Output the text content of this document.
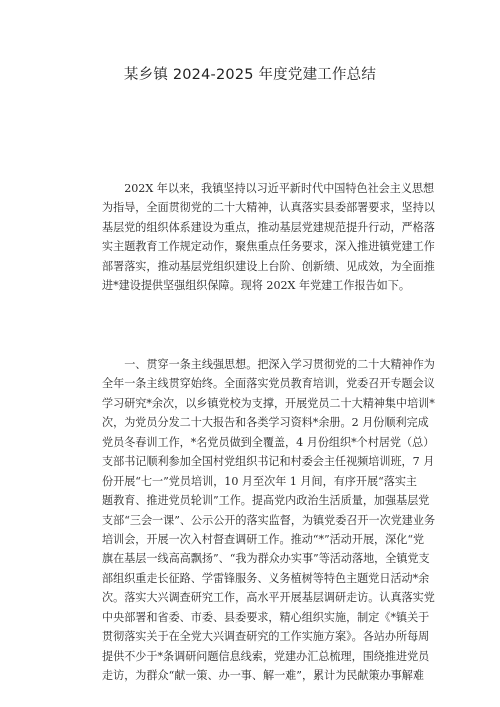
某乡镇 2024-2025 年度党建工作总结
　　202X 年以来，我镇坚持以习近平新时代中国特色社会主义思想
为指导，全面贯彻党的二十大精神，认真落实县委部署要求，坚持以
基层党的组织体系建设为重点，推动基层党建规范提升行动，严格落
实主题教育工作规定动作，聚焦重点任务要求，深入推进镇党建工作
部署落实，推动基层党组织建设上台阶、创新绩、见成效，为全面推
进*建设提供坚强组织保障。现将 202X 年党建工作报告如下。
　　一、贯穿一条主线强思想。把深入学习贯彻党的二十大精神作为
全年一条主线贯穿始终。全面落实党员教育培训，党委召开专题会议
学习研究*余次，以乡镇党校为支撑，开展党员二十大精神集中培训*
次，为党员分发二十大报告和各类学习资料*余册。2 月份顺利完成
党员冬春训工作，*名党员做到全覆盖，4 月份组织*个村居党（总）
支部书记顺利参加全国村党组织书记和村委会主任视频培训班，7 月
份开展“七一”党员培训，10 月至次年 1 月间，有序开展“落实主
题教育、推进党员轮训”工作。提高党内政治生活质量，加强基层党
支部“三会一课”、公示公开的落实监督，为镇党委召开一次党建业务
培训会，开展一次入村督查调研工作。推动“*”活动开展，深化“党
旗在基层一线高高飘扬”、“我为群众办实事”等活动落地，全镇党支
部组织重走长征路、学雷锋服务、义务植树等特色主题党日活动*余
次。落实大兴调查研究工作，高水平开展基层调研走访。认真落实党
中央部署和省委、市委、县委要求，精心组织实施，制定《*镇关于
贯彻落实关于在全党大兴调查研究的工作实施方案》。各站办所每周
提供不少于*条调研问题信息线索，党建办汇总梳理，围绕推进党员
走访，为群众“献一策、办一事、解一难”，累计为民献策办事解难
